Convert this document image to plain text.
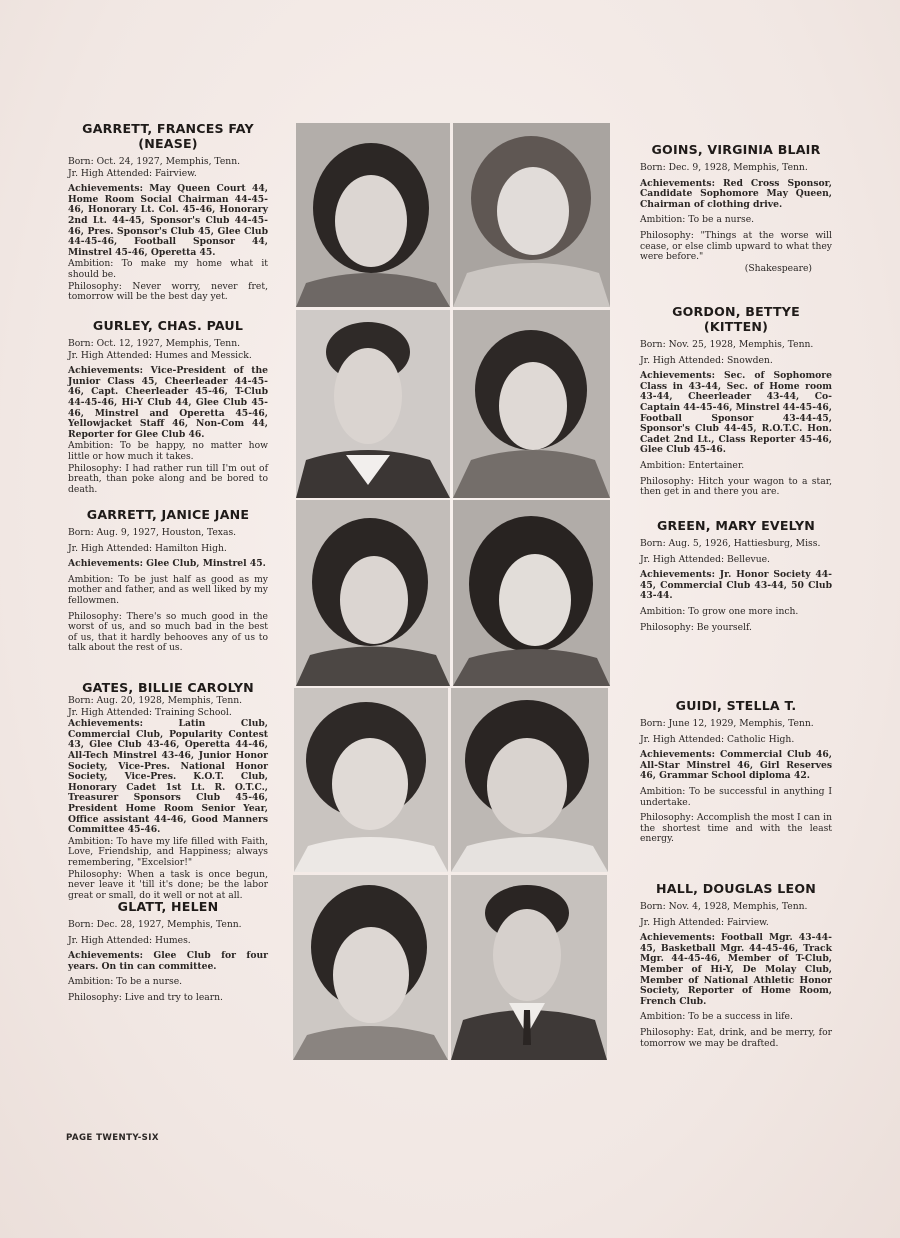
GARRETT, FRANCES FAY (NEASE)
Born: Oct. 24, 1927, Memphis, Tenn.
Jr. High Attended: Fairview.
Achievements: May Queen Court 44, Home Room Social Chairman 44-45-46, Honorary Lt. Col. 45-46, Honorary 2nd Lt. 44-45, Sponsor's Club 44-45-46, Pres. Sponsor's Club 45, Glee Club 44-45-46, Football Sponsor 44, Minstrel 45-46, Operetta 45.
Ambition: To make my home what it should be.
Philosophy: Never worry, never fret, tomorrow will be the best day yet.
GURLEY, CHAS. PAUL
Born: Oct. 12, 1927, Memphis, Tenn.
Jr. High Attended: Humes and Messick.
Achievements: Vice-President of the Junior Class 45, Cheerleader 44-45-46, Capt. Cheerleader 45-46, T-Club 44-45-46, Hi-Y Club 44, Glee Club 45-46, Minstrel and Operetta 45-46, Yellowjacket Staff 46, Non-Com 44, Reporter for Glee Club 46.
Ambition: To be happy, no matter how little or how much it takes.
Philosophy: I had rather run till I'm out of breath, than poke along and be bored to death.
GARRETT, JANICE JANE
Born: Aug. 9, 1927, Houston, Texas.
Jr. High Attended: Hamilton High.
Achievements: Glee Club, Minstrel 45.
Ambition: To be just half as good as my mother and father, and as well liked by my fellowmen.
Philosophy: There's so much good in the worst of us, and so much bad in the best of us, that it hardly behooves any of us to talk about the rest of us.
GATES, BILLIE CAROLYN
Born: Aug. 20, 1928, Memphis, Tenn.
Jr. High Attended: Training School.
Achievements: Latin Club, Commercial Club, Popularity Contest 43, Glee Club 43-46, Operetta 44-46, All-Tech Minstrel 43-46, Junior Honor Society, Vice-Pres. National Honor Society, Vice-Pres. K.O.T. Club, Honorary Cadet 1st Lt. R. O.T.C., Treasurer Sponsors Club 45-46, President Home Room Senior Year, Office assistant 44-46, Good Manners Committee 45-46.
Ambition: To have my life filled with Faith, Love, Friendship, and Happiness; always remembering, "Excelsior!"
Philosophy: When a task is once begun, never leave it 'till it's done; be the labor great or small, do it well or not at all.
GLATT, HELEN
Born: Dec. 28, 1927, Memphis, Tenn.
Jr. High Attended: Humes.
Achievements: Glee Club for four years. On tin can committee.
Ambition: To be a nurse.
Philosophy: Live and try to learn.
GOINS, VIRGINIA BLAIR
Born: Dec. 9, 1928, Memphis, Tenn.
Achievements: Red Cross Sponsor, Candidate Sophomore May Queen, Chairman of clothing drive.
Ambition: To be a nurse.
Philosophy: "Things at the worse will cease, or else climb upward to what they were before."
(Shakespeare)
GORDON, BETTYE (KITTEN)
Born: Nov. 25, 1928, Memphis, Tenn.
Jr. High Attended: Snowden.
Achievements: Sec. of Sophomore Class in 43-44, Sec. of Home room 43-44, Cheerleader 43-44, Co-Captain 44-45-46, Minstrel 44-45-46, Football Sponsor 43-44-45, Sponsor's Club 44-45, R.O.T.C. Hon. Cadet 2nd Lt., Class Reporter 45-46, Glee Club 45-46.
Ambition: Entertainer.
Philosophy: Hitch your wagon to a star, then get in and there you are.
GREEN, MARY EVELYN
Born: Aug. 5, 1926, Hattiesburg, Miss.
Jr. High Attended: Bellevue.
Achievements: Jr. Honor Society 44-45, Commercial Club 43-44, 50 Club 43-44.
Ambition: To grow one more inch.
Philosophy: Be yourself.
GUIDI, STELLA T.
Born: June 12, 1929, Memphis, Tenn.
Jr. High Attended: Catholic High.
Achievements: Commercial Club 46, All-Star Minstrel 46, Girl Reserves 46, Grammar School diploma 42.
Ambition: To be successful in anything I undertake.
Philosophy: Accomplish the most I can in the shortest time and with the least energy.
HALL, DOUGLAS LEON
Born: Nov. 4, 1928, Memphis, Tenn.
Jr. High Attended: Fairview.
Achievements: Football Mgr. 43-44-45, Basketball Mgr. 44-45-46, Track Mgr. 44-45-46, Member of T-Club, Member of Hi-Y, De Molay Club, Member of National Athletic Honor Society, Reporter of Home Room, French Club.
Ambition: To be a success in life.
Philosophy: Eat, drink, and be merry, for tomorrow we may be drafted.
PAGE TWENTY-SIX
